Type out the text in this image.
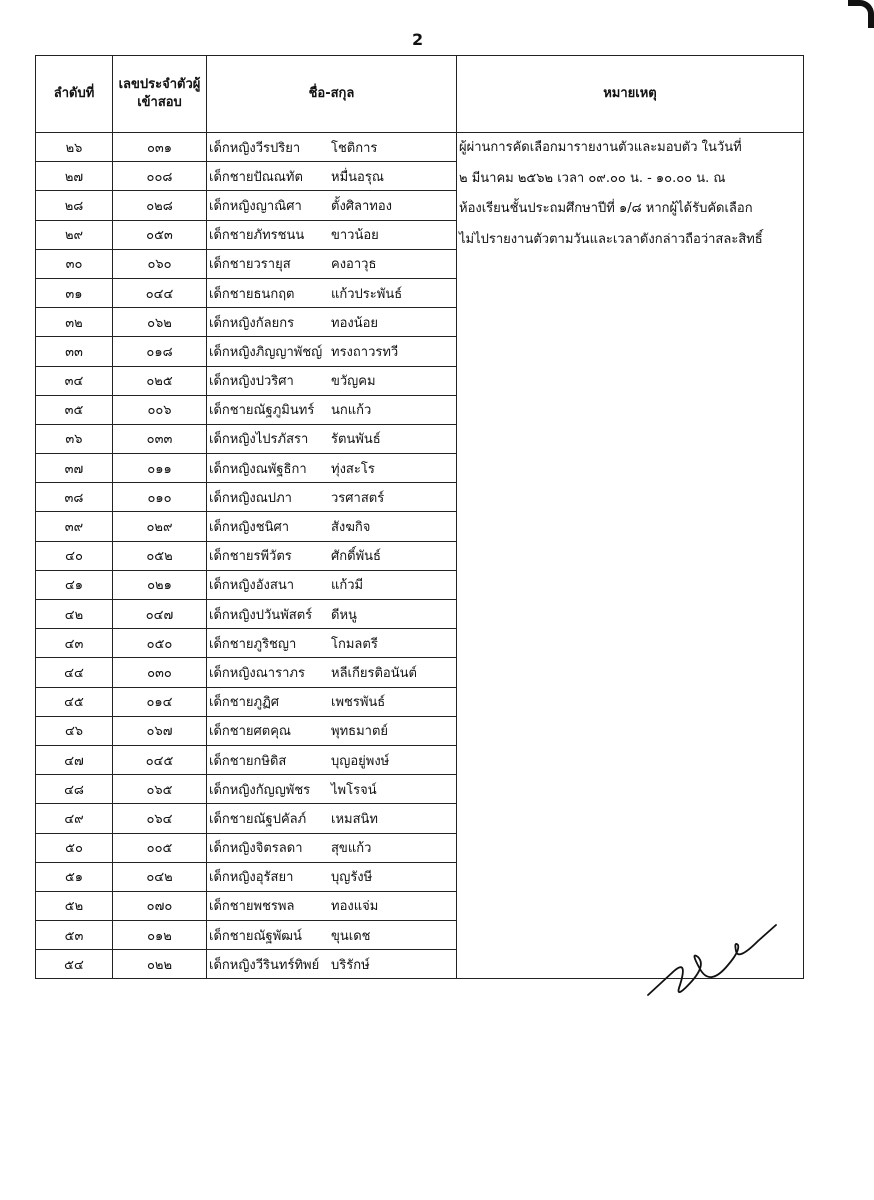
2
ลำดับที่	เลขประจำตัวผู้เข้าสอบ	ชื่อ-สกุล	หมายเหตุ
๒๖	๐๓๑	เด็กหญิงวีรปริยา โชติการ	ผู้ผ่านการคัดเลือกมารายงานตัวและมอบตัว ในวันที่
๒ มีนาคม ๒๕๖๒ เวลา ๐๙.๐๐ น. - ๑๐.๐๐ น. ณ
ห้องเรียนชั้นประถมศึกษาปีที่ ๑/๘ หากผู้ได้รับคัดเลือก
ไม่ไปรายงานตัวตามวันและเวลาดังกล่าวถือว่าสละสิทธิ์

๒๗	๐๐๘	เด็กชายปัณณทัต หมื่นอรุณ	
๒๘	๐๒๘	เด็กหญิงญาณิศา ตั้งศิลาทอง	
๒๙	๐๕๓	เด็กชายภัทรชนน ขาวน้อย	
๓๐	๐๖๐	เด็กชายวรายุส คงอาวุธ	
๓๑	๐๔๔	เด็กชายธนกฤต แก้วประพันธ์	
๓๒	๐๖๒	เด็กหญิงกัลยกร ทองน้อย	
๓๓	๐๑๘	เด็กหญิงภิญญาพัชญ์ ทรงถาวรทวี	
๓๔	๐๒๕	เด็กหญิงปวริศา ขวัญคม	
๓๕	๐๐๖	เด็กชายณัฐภูมินทร์ นกแก้ว	
๓๖	๐๓๓	เด็กหญิงไปรภัสรา รัตนพันธ์	
๓๗	๐๑๑	เด็กหญิงณพัฐธิกา ทุ่งสะโร	
๓๘	๐๑๐	เด็กหญิงณปภา วรศาสตร์	
๓๙	๐๒๙	เด็กหญิงชนิศา สังฆกิจ	
๔๐	๐๕๒	เด็กชายรพีวัตร ศักดิ์พันธ์	
๔๑	๐๒๑	เด็กหญิงอังสนา แก้วมี	
๔๒	๐๔๗	เด็กหญิงปวันพัสตร์ ดีหนู	
๔๓	๐๕๐	เด็กชายภูริชญา โกมลตรี	
๔๔	๐๓๐	เด็กหญิงณาราภร หลีเกียรติอนันต์	
๔๕	๐๑๔	เด็กชายภูฏิศ เพชรพันธ์	
๔๖	๐๖๗	เด็กชายศตคุณ พุทธมาตย์	
๔๗	๐๔๕	เด็กชายกษิดิส บุญอยู่พงษ์	
๔๘	๐๖๕	เด็กหญิงกัญญพัชร ไพโรจน์	
๔๙	๐๖๔	เด็กชายณัฐปคัลภ์ เหมสนิท	
๕๐	๐๐๕	เด็กหญิงจิตรลดา สุขแก้ว	
๕๑	๐๔๒	เด็กหญิงอุรัสยา บุญรังษี	
๕๒	๐๗๐	เด็กชายพชรพล ทองแจ่ม	
๕๓	๐๑๒	เด็กชายณัฐพัฒน์ ขุนเดช	
๕๔	๐๒๒	เด็กหญิงวีรินทร์ทิพย์ บริรักษ์	
